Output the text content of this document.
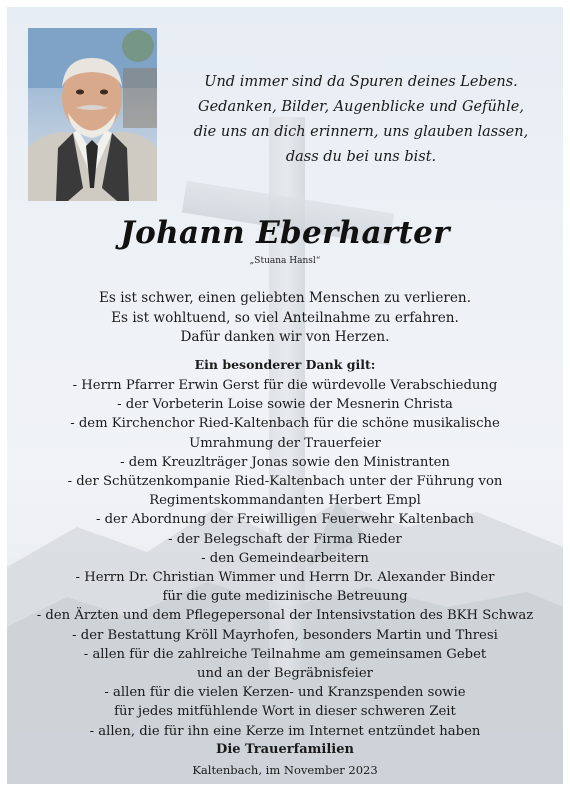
Und immer sind da Spuren deines Lebens.
Gedanken, Bilder, Augenblicke und Gefühle,
die uns an dich erinnern, uns glauben lassen,
dass du bei uns bist.
Johann Eberharter
„Stuana Hansl“
Es ist schwer, einen geliebten Menschen zu verlieren.
Es ist wohltuend, so viel Anteilnahme zu erfahren.
Dafür danken wir von Herzen.
Ein besonderer Dank gilt:
- Herrn Pfarrer Erwin Gerst für die würdevolle Verabschiedung
- der Vorbeterin Loise sowie der Mesnerin Christa
- dem Kirchenchor Ried-Kaltenbach für die schöne musikalische
Umrahmung der Trauerfeier
- dem Kreuzlträger Jonas sowie den Ministranten
- der Schützenkompanie Ried-Kaltenbach unter der Führung von
Regimentskommandanten Herbert Empl
- der Abordnung der Freiwilligen Feuerwehr Kaltenbach
- der Belegschaft der Firma Rieder
- den Gemeindearbeitern
- Herrn Dr. Christian Wimmer und Herrn Dr. Alexander Binder
für die gute medizinische Betreuung
- den Ärzten und dem Pflegepersonal der Intensivstation des BKH Schwaz
- der Bestattung Kröll Mayrhofen, besonders Martin und Thresi
- allen für die zahlreiche Teilnahme am gemeinsamen Gebet
und an der Begräbnisfeier
- allen für die vielen Kerzen- und Kranzspenden sowie
für jedes mitfühlende Wort in dieser schweren Zeit
- allen, die für ihn eine Kerze im Internet entzündet haben
Die Trauerfamilien
Kaltenbach, im November 2023
